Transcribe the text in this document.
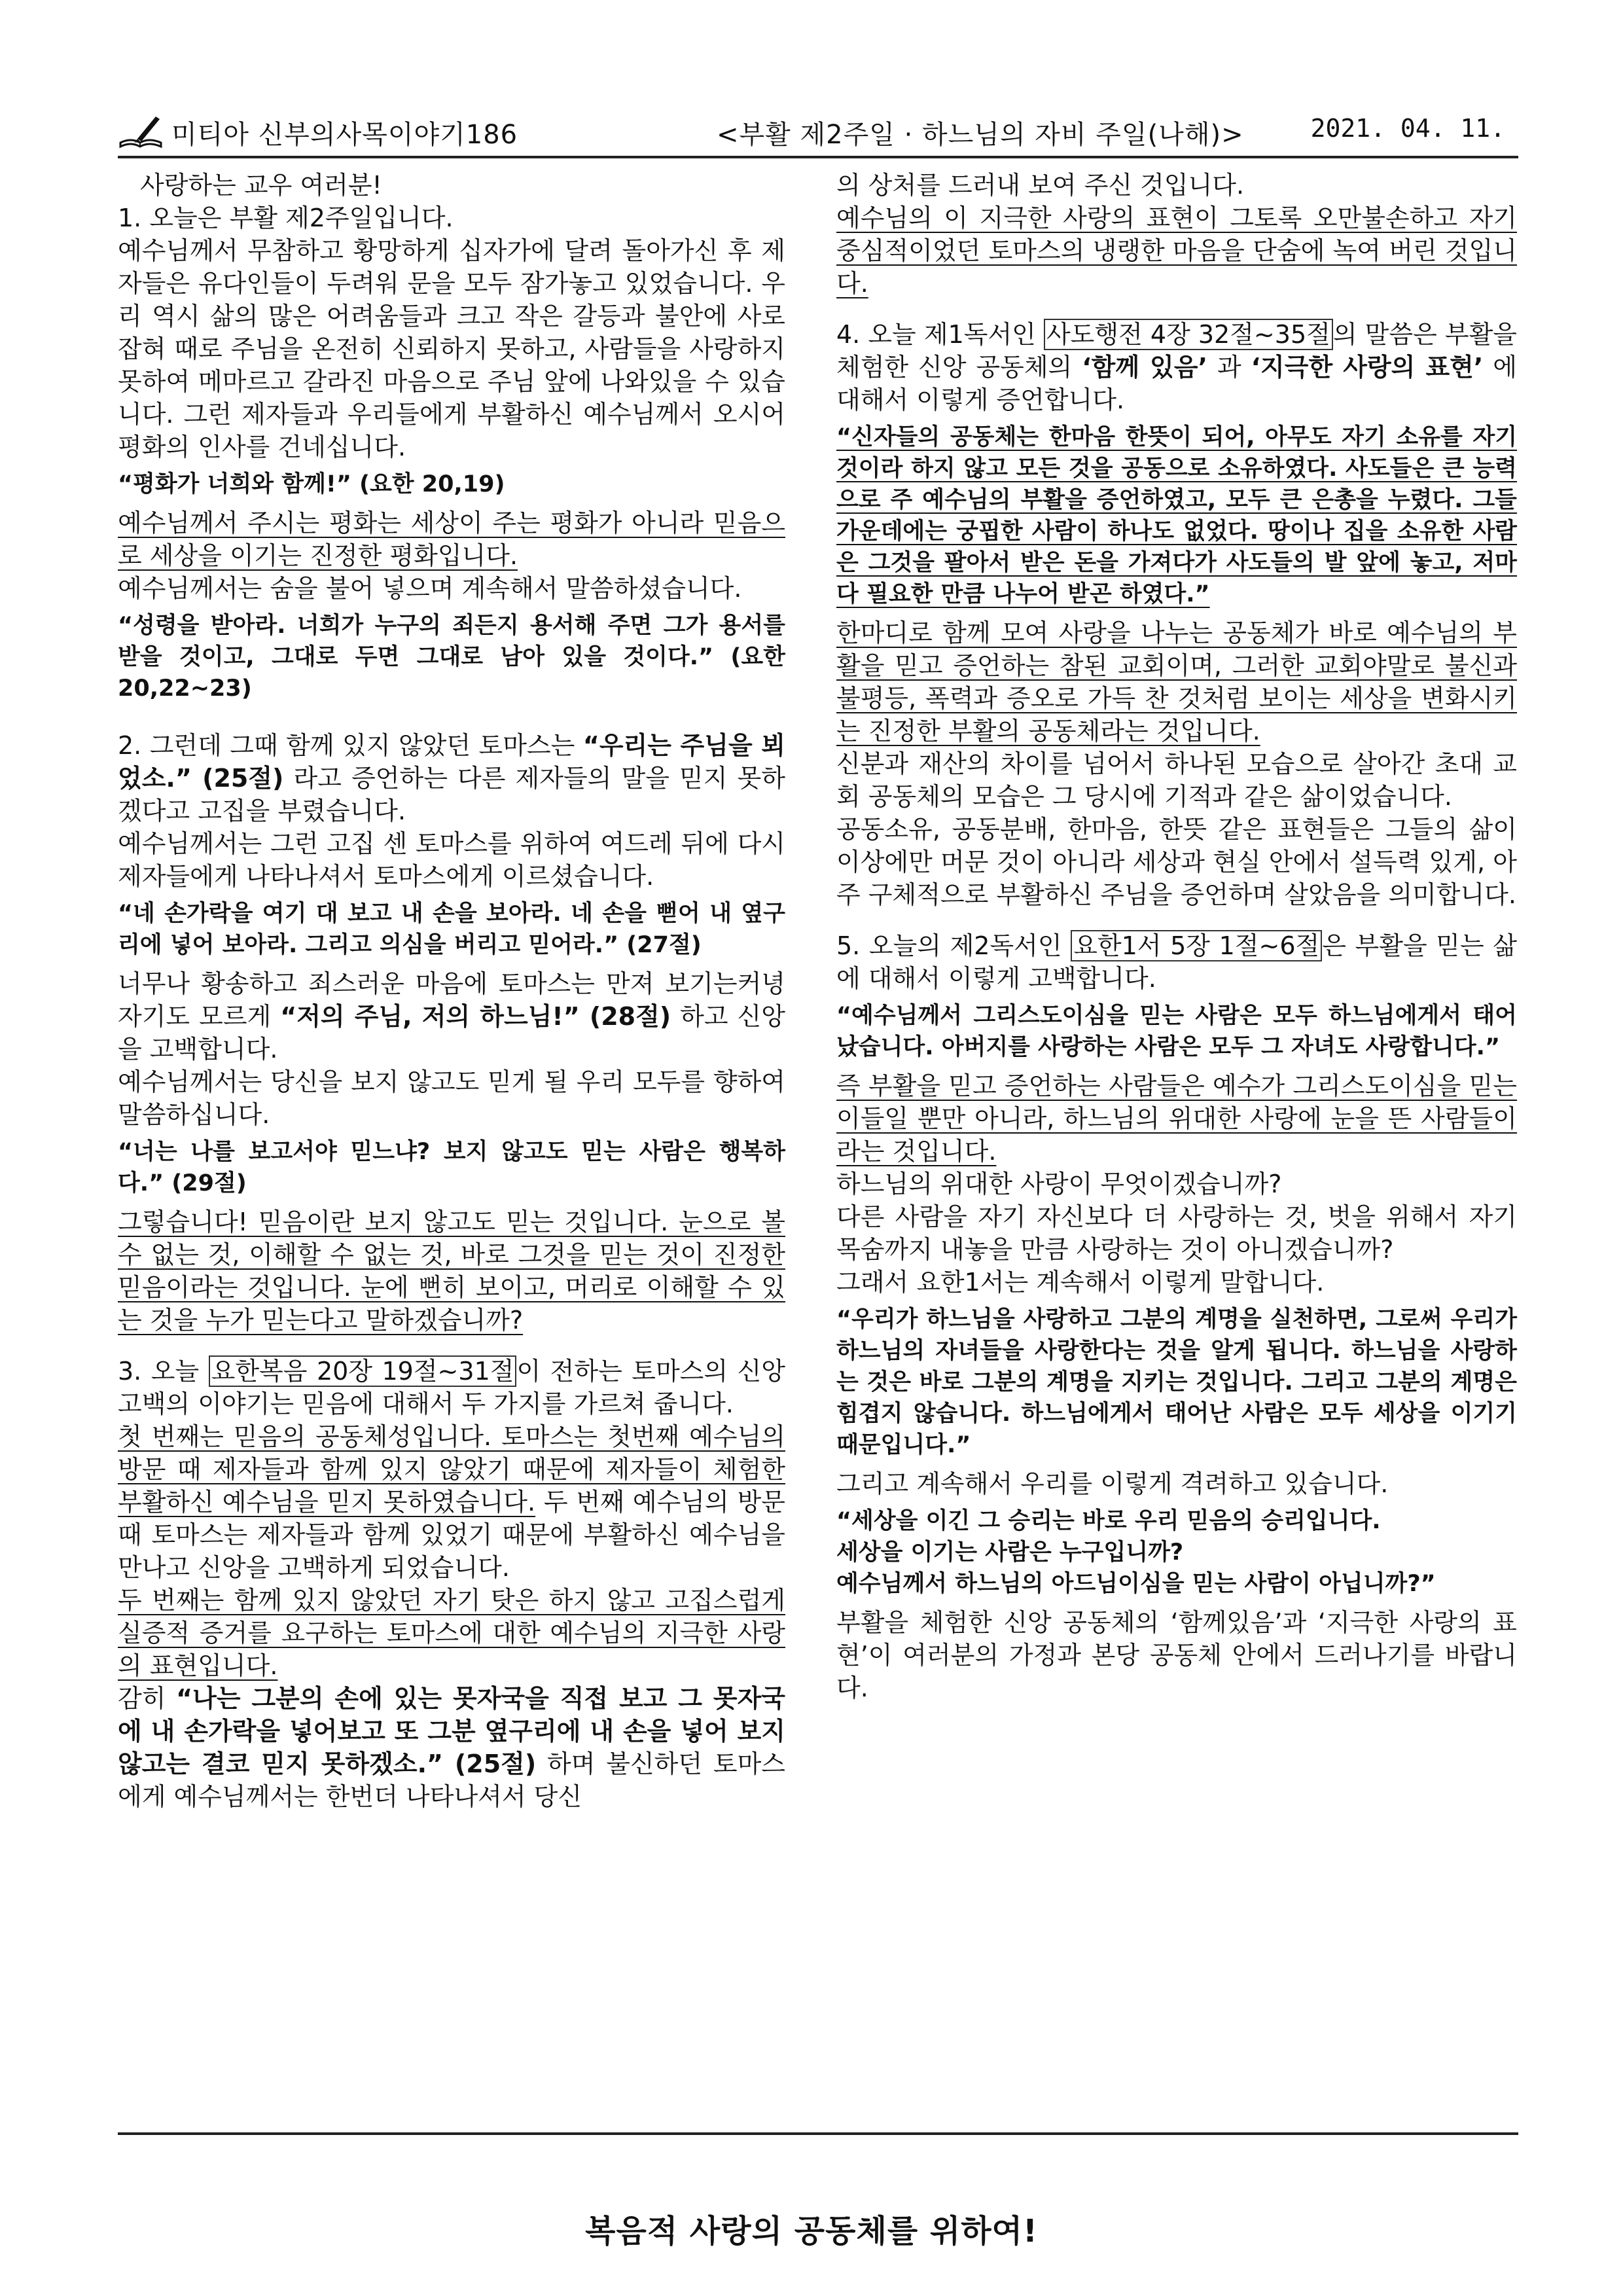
미티아 신부의사목이야기186	<부활 제2주일 · 하느님의 자비 주일(나해)>	2021. 04. 11.

사랑하는 교우 여러분!

1. 오늘은 부활 제2주일입니다.

예수님께서 무참하고 황망하게 십자가에 달려 돌아가신 후 제자들은 유다인들이 두려워 문을 모두 잠가놓고 있었습니다. 우리 역시 삶의 많은 어려움들과 크고 작은 갈등과 불안에 사로잡혀 때로 주님을 온전히 신뢰하지 못하고, 사람들을 사랑하지 못하여 메마르고 갈라진 마음으로 주님 앞에 나와있을 수 있습니다. 그런 제자들과 우리들에게 부활하신 예수님께서 오시어 평화의 인사를 건네십니다.

“평화가 너희와 함께!” (요한 20,19)

예수님께서 주시는 평화는 세상이 주는 평화가 아니라 믿음으로 세상을 이기는 진정한 평화입니다.

예수님께서는 숨을 불어 넣으며 계속해서 말씀하셨습니다.

“성령을 받아라. 너희가 누구의 죄든지 용서해 주면 그가 용서를 받을 것이고, 그대로 두면 그대로 남아 있을 것이다.” (요한 20,22~23)

2. 그런데 그때 함께 있지 않았던 토마스는 “우리는 주님을 뵈었소.” (25절) 라고 증언하는 다른 제자들의 말을 믿지 못하겠다고 고집을 부렸습니다.

예수님께서는 그런 고집 센 토마스를 위하여 여드레 뒤에 다시 제자들에게 나타나셔서 토마스에게 이르셨습니다.

“네 손가락을 여기 대 보고 내 손을 보아라. 네 손을 뻗어 내 옆구리에 넣어 보아라. 그리고 의심을 버리고 믿어라.” (27절)

너무나 황송하고 죄스러운 마음에 토마스는 만져 보기는커녕 자기도 모르게 “저의 주님, 저의 하느님!” (28절) 하고 신앙을 고백합니다.

예수님께서는 당신을 보지 않고도 믿게 될 우리 모두를 향하여 말씀하십니다.

“너는 나를 보고서야 믿느냐? 보지 않고도 믿는 사람은 행복하다.” (29절)

그렇습니다! 믿음이란 보지 않고도 믿는 것입니다. 눈으로 볼 수 없는 것, 이해할 수 없는 것, 바로 그것을 믿는 것이 진정한 믿음이라는 것입니다. 눈에 뻔히 보이고, 머리로 이해할 수 있는 것을 누가 믿는다고 말하겠습니까?

3. 오늘 요한복음 20장 19절~31절 이 전하는 토마스의 신앙고백의 이야기는 믿음에 대해서 두 가지를 가르쳐 줍니다.

첫 번째는 믿음의 공동체성입니다. 토마스는 첫번째 예수님의 방문 때 제자들과 함께 있지 않았기 때문에 제자들이 체험한 부활하신 예수님을 믿지 못하였습니다. 두 번째 예수님의 방문때 토마스는 제자들과 함께 있었기 때문에 부활하신 예수님을 만나고 신앙을 고백하게 되었습니다.

두 번째는 함께 있지 않았던 자기 탓은 하지 않고 고집스럽게 실증적 증거를 요구하는 토마스에 대한 예수님의 지극한 사랑의 표현입니다.

감히 “나는 그분의 손에 있는 못자국을 직접 보고 그 못자국에 내 손가락을 넣어보고 또 그분 옆구리에 내 손을 넣어 보지 않고는 결코 믿지 못하겠소.” (25절) 하며 불신하던 토마스에게 예수님께서는 한번더 나타나셔서 당신

의 상처를 드러내 보여 주신 것입니다.

예수님의 이 지극한 사랑의 표현이 그토록 오만불손하고 자기 중심적이었던 토마스의 냉랭한 마음을 단숨에 녹여 버린 것입니다.

4. 오늘 제1독서인 사도행전 4장 32절~35절 의 말씀은 부활을 체험한 신앙 공동체의 ‘함께 있음’ 과 ‘지극한 사랑의 표현’ 에 대해서 이렇게 증언합니다.

“신자들의 공동체는 한마음 한뜻이 되어, 아무도 자기 소유를 자기 것이라 하지 않고 모든 것을 공동으로 소유하였다. 사도들은 큰 능력으로 주 예수님의 부활을 증언하였고, 모두 큰 은총을 누렸다. 그들 가운데에는 궁핍한 사람이 하나도 없었다. 땅이나 집을 소유한 사람은 그것을 팔아서 받은 돈을 가져다가 사도들의 발 앞에 놓고, 저마다 필요한 만큼 나누어 받곤 하였다.”

한마디로 함께 모여 사랑을 나누는 공동체가 바로 예수님의 부활을 믿고 증언하는 참된 교회이며, 그러한 교회야말로 불신과 불평등, 폭력과 증오로 가득 찬 것처럼 보이는 세상을 변화시키는 진정한 부활의 공동체라는 것입니다.

신분과 재산의 차이를 넘어서 하나된 모습으로 살아간 초대 교회 공동체의 모습은 그 당시에 기적과 같은 삶이었습니다.

공동소유, 공동분배, 한마음, 한뜻 같은 표현들은 그들의 삶이 이상에만 머문 것이 아니라 세상과 현실 안에서 설득력 있게, 아주 구체적으로 부활하신 주님을 증언하며 살았음을 의미합니다.

5. 오늘의 제2독서인 요한1서 5장 1절~6절 은 부활을 믿는 삶에 대해서 이렇게 고백합니다.

“예수님께서 그리스도이심을 믿는 사람은 모두 하느님에게서 태어났습니다. 아버지를 사랑하는 사람은 모두 그 자녀도 사랑합니다.”

즉 부활을 믿고 증언하는 사람들은 예수가 그리스도이심을 믿는 이들일 뿐만 아니라, 하느님의 위대한 사랑에 눈을 뜬 사람들이라는 것입니다.

하느님의 위대한 사랑이 무엇이겠습니까?

다른 사람을 자기 자신보다 더 사랑하는 것, 벗을 위해서 자기 목숨까지 내놓을 만큼 사랑하는 것이 아니겠습니까?

그래서 요한1서는 계속해서 이렇게 말합니다.

“우리가 하느님을 사랑하고 그분의 계명을 실천하면, 그로써 우리가 하느님의 자녀들을 사랑한다는 것을 알게 됩니다. 하느님을 사랑하는 것은 바로 그분의 계명을 지키는 것입니다. 그리고 그분의 계명은 힘겹지 않습니다. 하느님에게서 태어난 사람은 모두 세상을 이기기 때문입니다.”

그리고 계속해서 우리를 이렇게 격려하고 있습니다.

“세상을 이긴 그 승리는 바로 우리 믿음의 승리입니다.

세상을 이기는 사람은 누구입니까?

예수님께서 하느님의 아드님이심을 믿는 사람이 아닙니까?”

부활을 체험한 신앙 공동체의 ‘함께있음’과 ‘지극한 사랑의 표현’이 여러분의 가정과 본당 공동체 안에서 드러나기를 바랍니다.

복음적 사랑의 공동체를 위하여!
